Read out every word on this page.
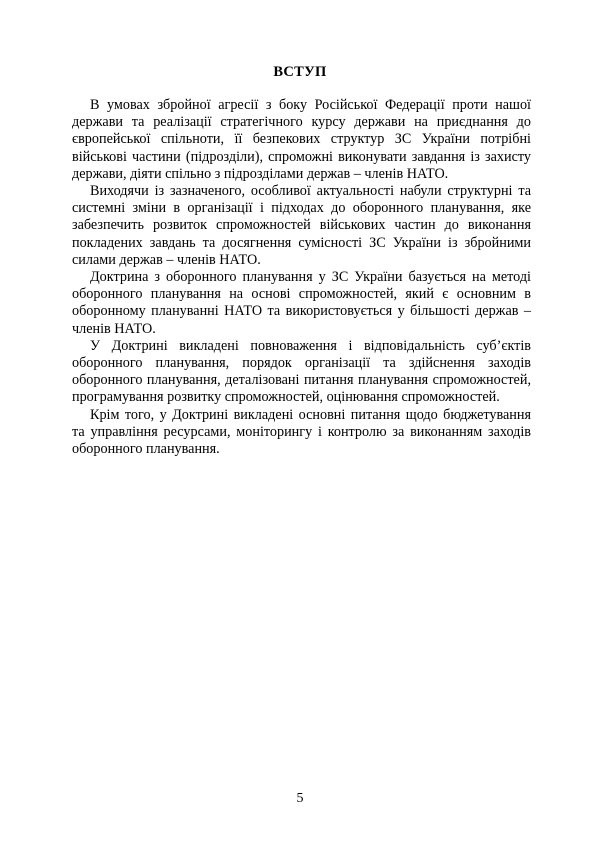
ВСТУП

В умовах збройної агресії з боку Російської Федерації проти нашої держави та реалізації стратегічного курсу держави на приєднання до європейської спільноти, її безпекових структур ЗС України потрібні військові частини (підрозділи), спроможні виконувати завдання із захисту держави, діяти спільно з підрозділами держав – членів НАТО.

Виходячи із зазначеного, особливої актуальності набули структурні та системні зміни в організації і підходах до оборонного планування, яке забезпечить розвиток спроможностей військових частин до виконання покладених завдань та досягнення сумісності ЗС України із збройними силами держав – членів НАТО.

Доктрина з оборонного планування у ЗС України базується на методі оборонного планування на основі спроможностей, який є основним в оборонному плануванні НАТО та використовується у більшості держав – членів НАТО.

У Доктрині викладені повноваження і відповідальність суб’єктів оборонного планування, порядок організації та здійснення заходів оборонного планування, деталізовані питання планування спроможностей, програмування розвитку спроможностей, оцінювання спроможностей.

Крім того, у Доктрині викладені основні питання щодо бюджетування та управління ресурсами, моніторингу і контролю за виконанням заходів оборонного планування.

5
